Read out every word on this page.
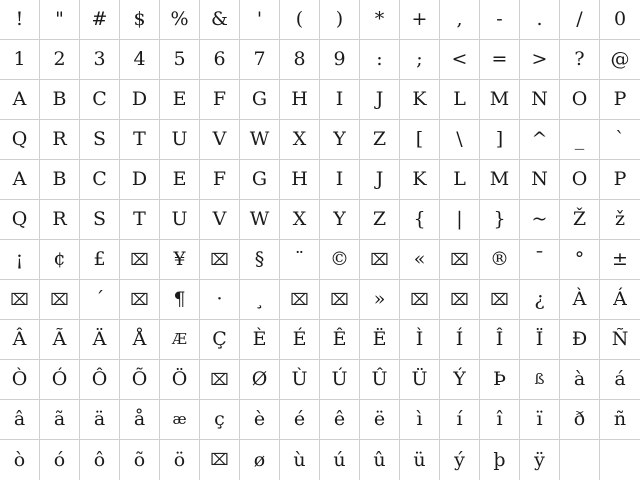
! " # $ % & ' ( ) * + , - . / 0
1 2 3 4 5 6 7 8 9 : ; < = > ? @
A B C D E F G H I J K L M N O P
Q R S T U V W X Y Z [ \ ] ^ _ `
A B C D E F G H I J K L M N O P
Q R S T U V W X Y Z { | } ~ Ž ž
¡ ¢ £ ⌧ ¥ ⌧ § ¨ © ⌧ « ⌧ ® ¯ ° ±
⌧ ⌧ ´ ⌧ ¶ · ¸ ⌧ ⌧ » ⌧ ⌧ ⌧ ¿ À Á
Â Ã Ä Å Æ Ç È É Ê Ë Ì Í Î Ï Ð Ñ
Ò Ó Ô Õ Ö ⌧ Ø Ù Ú Û Ü Ý Þ ß à á
â ã ä å æ ç è é ê ë ì í î ï ð ñ
ò ó ô õ ö ⌧ ø ù ú û ü ý þ ÿ
